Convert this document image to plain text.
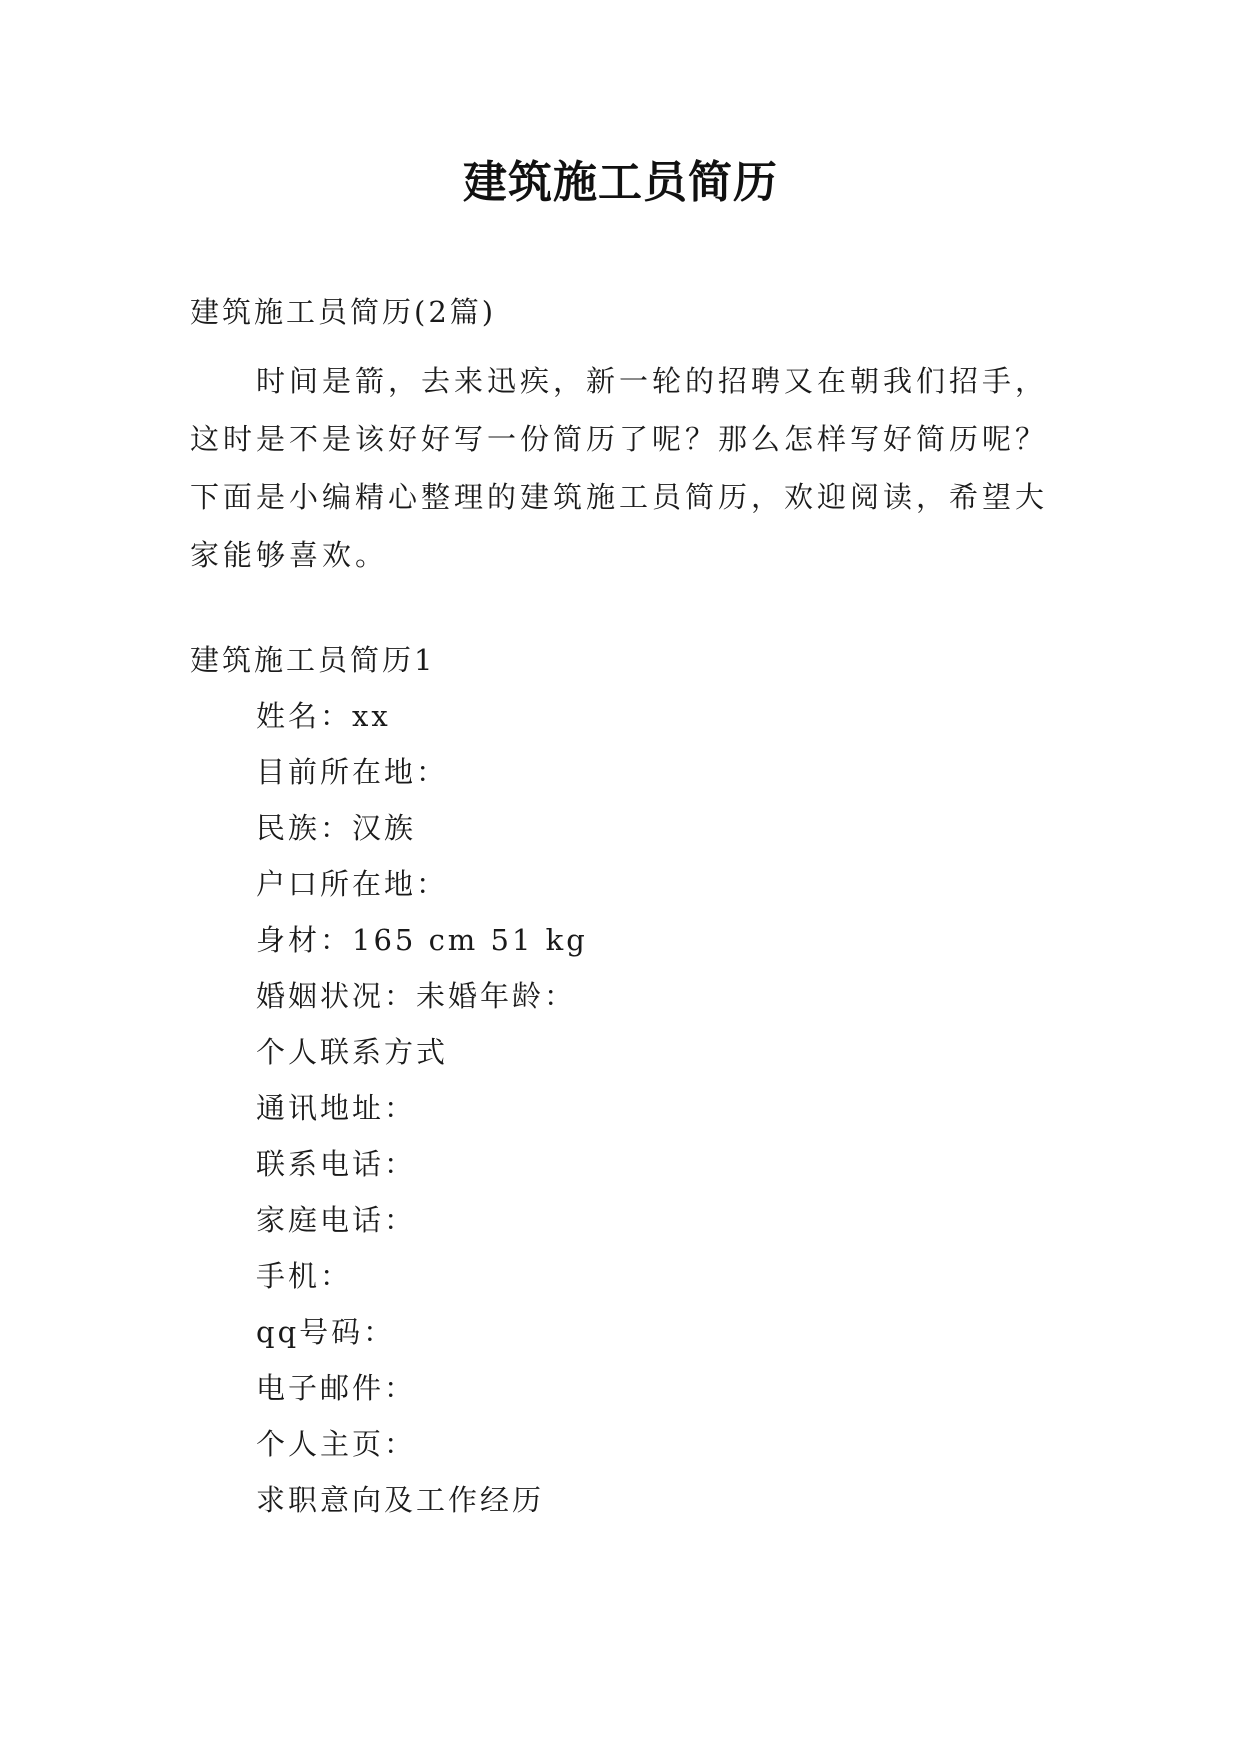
建筑施工员简历
建筑施工员简历(2篇)
时间是箭，去来迅疾，新一轮的招聘又在朝我们招手，这时是不是该好好写一份简历了呢？那么怎样写好简历呢？下面是小编精心整理的建筑施工员简历，欢迎阅读，希望大家能够喜欢。
建筑施工员简历1
姓名：xx
目前所在地：
民族：汉族
户口所在地：
身材：165 cm 51 kg
婚姻状况：未婚年龄：
个人联系方式
通讯地址：
联系电话：
家庭电话：
手机：
qq号码：
电子邮件：
个人主页：
求职意向及工作经历
